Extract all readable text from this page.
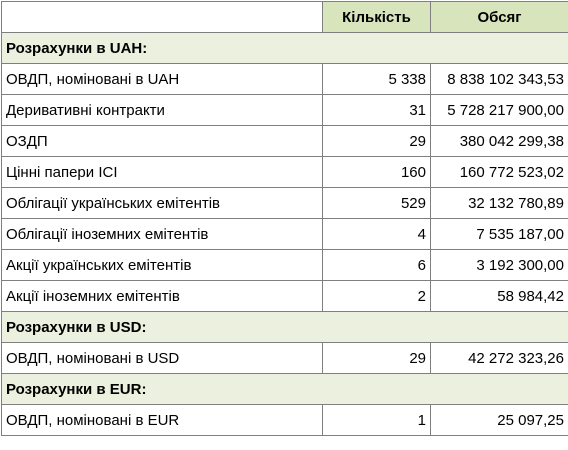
	Кількість	Обсяг
Розрахунки в UAH:		
ОВДП, номіновані в UAH	5 338	8 838 102 343,53
Деривативні контракти	31	5 728 217 900,00
ОЗДП	29	380 042 299,38
Цінні папери ІСІ	160	160 772 523,02
Облігації українських емітентів	529	32 132 780,89
Облігації іноземних емітентів	4	7 535 187,00
Акції українських емітентів	6	3 192 300,00
Акції іноземних емітентів	2	58 984,42
Розрахунки в USD:		
ОВДП, номіновані в USD	29	42 272 323,26
Розрахунки в EUR:		
ОВДП, номіновані в EUR	1	25 097,25
